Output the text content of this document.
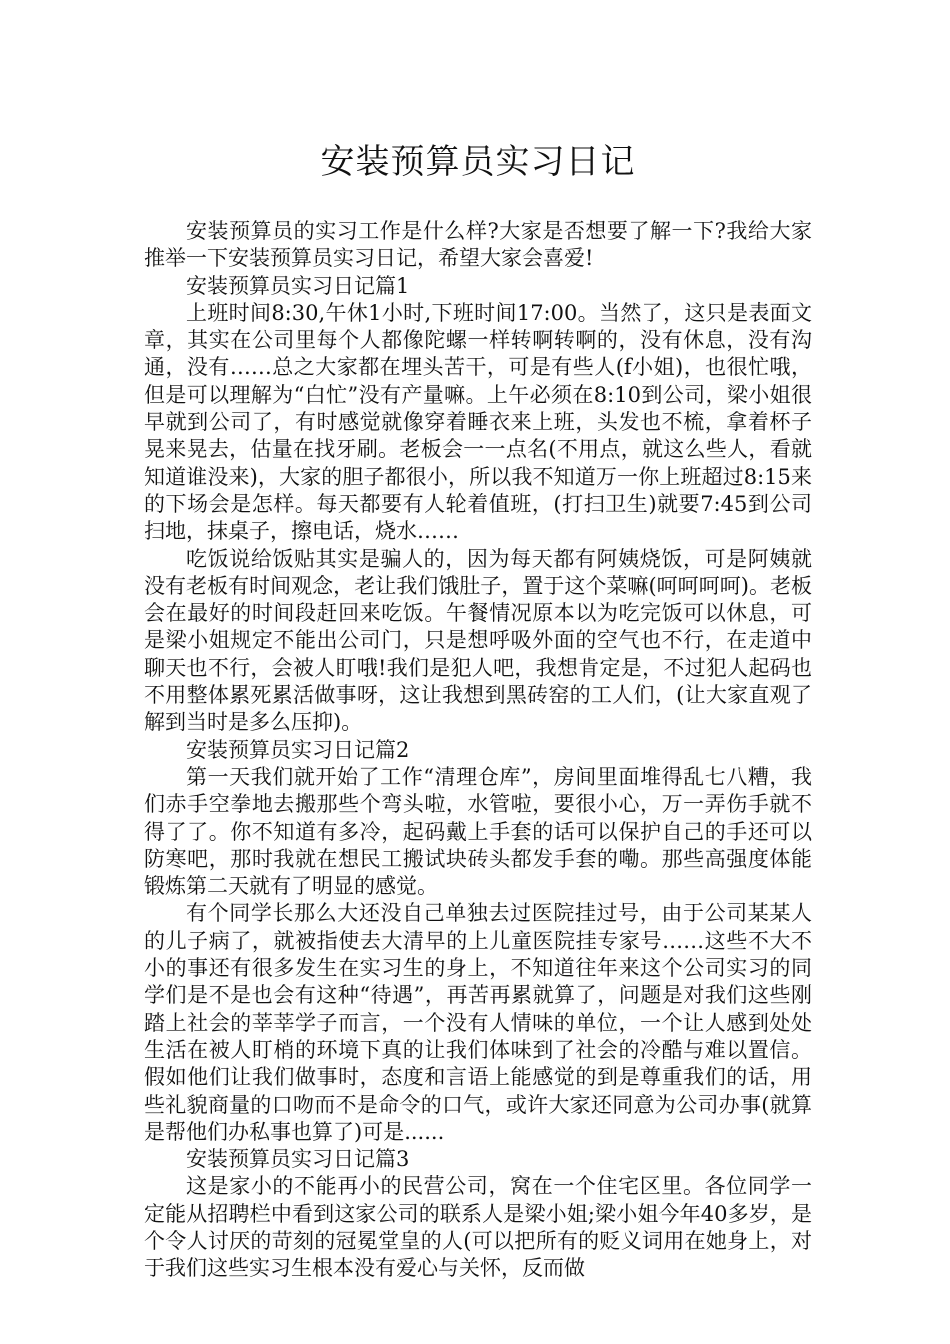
安装预算员实习日记

安装预算员的实习工作是什么样?大家是否想要了解一下?我给大家推举一下安装预算员实习日记，希望大家会喜爱!

安装预算员实习日记篇1

上班时间8:30,午休1小时,下班时间17:00。当然了，这只是表面文章，其实在公司里每个人都像陀螺一样转啊转啊的，没有休息，没有沟通，没有……总之大家都在埋头苦干，可是有些人(f小姐)，也很忙哦，但是可以理解为“白忙”没有产量嘛。上午必须在8:10到公司，梁小姐很早就到公司了，有时感觉就像穿着睡衣来上班，头发也不梳，拿着杯子晃来晃去，估量在找牙刷。老板会一一点名(不用点，就这么些人，看就知道谁没来)，大家的胆子都很小，所以我不知道万一你上班超过8:15来的下场会是怎样。每天都要有人轮着值班，(打扫卫生)就要7:45到公司扫地，抹桌子，擦电话，烧水……

吃饭说给饭贴其实是骗人的，因为每天都有阿姨烧饭，可是阿姨就没有老板有时间观念，老让我们饿肚子，置于这个菜嘛(呵呵呵呵)。老板会在最好的时间段赶回来吃饭。午餐情况原本以为吃完饭可以休息，可是梁小姐规定不能出公司门，只是想呼吸外面的空气也不行，在走道中聊天也不行，会被人盯哦!我们是犯人吧，我想肯定是，不过犯人起码也不用整体累死累活做事呀，这让我想到黑砖窑的工人们，(让大家直观了解到当时是多么压抑)。

安装预算员实习日记篇2

第一天我们就开始了工作“清理仓库”，房间里面堆得乱七八糟，我们赤手空拳地去搬那些个弯头啦，水管啦，要很小心，万一弄伤手就不得了了。你不知道有多冷，起码戴上手套的话可以保护自己的手还可以防寒吧，那时我就在想民工搬试块砖头都发手套的嘞。那些高强度体能锻炼第二天就有了明显的感觉。

有个同学长那么大还没自己单独去过医院挂过号，由于公司某某人的儿子病了，就被指使去大清早的上儿童医院挂专家号……这些不大不小的事还有很多发生在实习生的身上，不知道往年来这个公司实习的同学们是不是也会有这种“待遇”，再苦再累就算了，问题是对我们这些刚踏上社会的莘莘学子而言，一个没有人情味的单位，一个让人感到处处生活在被人盯梢的环境下真的让我们体味到了社会的冷酷与难以置信。假如他们让我们做事时，态度和言语上能感觉的到是尊重我们的话，用些礼貌商量的口吻而不是命令的口气，或许大家还同意为公司办事(就算是帮他们办私事也算了)可是......

安装预算员实习日记篇3

这是家小的不能再小的民营公司，窝在一个住宅区里。各位同学一定能从招聘栏中看到这家公司的联系人是梁小姐;梁小姐今年40多岁，是个令人讨厌的苛刻的冠冕堂皇的人(可以把所有的贬义词用在她身上，对于我们这些实习生根本没有爱心与关怀，反而做
